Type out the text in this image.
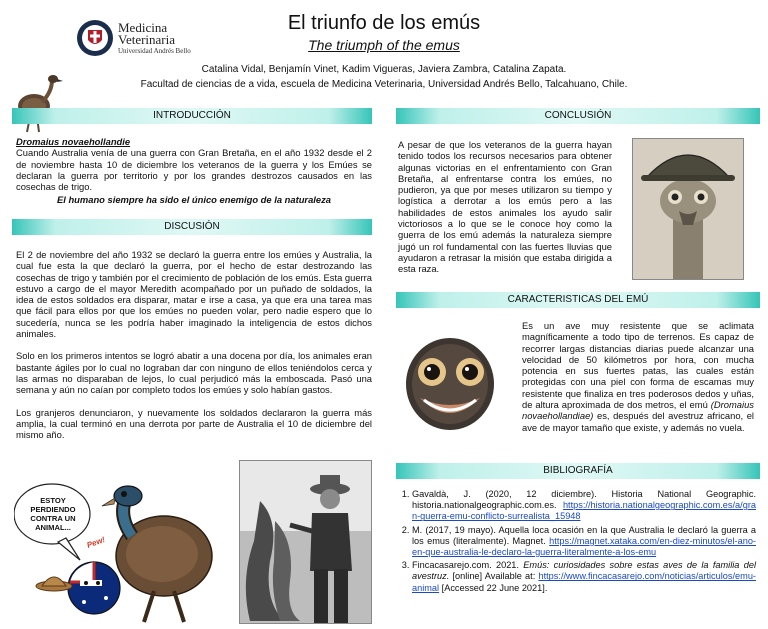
Medicina
Veterinaria
Universidad Andrés Bello
El triunfo de los emús
The triumph of the emus
Catalina Vidal, Benjamín Vinet, Kadim Vigueras, Javiera Zambra, Catalina Zapata.
Facultad de ciencias de a vida, escuela de Medicina Veterinaria, Universidad Andrés Bello, Talcahuano, Chile.
INTRODUCCIÓN
Dromaius novaehollandie

Cuando Australia venía de una guerra con Gran Bretaña, en el año 1932 desde el 2 de noviembre hasta 10 de diciembre los veteranos de la guerra y los Emúes se declaran la guerra por territorio y por los grandes destrozos causados en las cosechas de trigo.

El humano siempre ha sido el único enemigo de la naturaleza

DISCUSIÓN

El 2 de noviembre del año 1932 se declaró la guerra entre los emúes y Australia, la cual fue esta la que declaró la guerra, por el hecho de estar destrozando las cosechas de trigo y también por el crecimiento de población de los emús. Esta guerra estuvo a cargo de el mayor Meredith acompañado por un puñado de soldados, la idea de estos soldados era disparar, matar e irse a casa, ya que era una tarea mas que fácil para ellos por que los emúes no pueden volar, pero nadie espero que lo sucedería, nunca se les podría haber imaginado la inteligencia de estos dichos animales.

Solo en los primeros intentos se logró abatir a una docena por día, los animales eran bastante ágiles por lo cual no lograban dar con ninguno de ellos teniéndolos cerca y las armas no disparaban de lejos, lo cual perjudicó más la emboscada. Pasó una semana y aún no caían por completo todos los emúes y solo habían gastos.

Los granjeros denunciaron, y nuevamente los soldados declararon la guerra más amplia, la cual terminó en una derrota por parte de Australia el 10 de diciembre del mismo año.

Pew!
ESTOY PERDIENDO CONTRA UN ANIMAL...
CONCLUSIÓN
A pesar de que los veteranos de la guerra hayan tenido todos los recursos necesarios para obtener algunas victorias en el enfrentamiento con Gran Bretaña, al enfrentarse contra los emúes, no pudieron, ya que por meses utilizaron su tiempo y logística a derrotar a los emús pero a las habilidades de estos animales los ayudo salir victoriosos a lo que se le conoce hoy como la guerra de los emú además la naturaleza siempre jugó un rol fundamental con las fuertes lluvias que ayudaron a retrasar la misión que estaba dirigida a esta raza.
CARACTERISTICAS DEL EMÚ
Es un ave muy resistente que se aclimata magníficamente a todo tipo de terrenos. Es capaz de recorrer largas distancias diarias puede alcanzar una velocidad de 50 kilómetros por hora, con mucha potencia en sus fuertes patas, las cuales están protegidas con una piel con forma de escamas muy resistente que finaliza en tres poderosos dedos y uñas, de altura aproximada de dos metros, el emú (Dromaius novaehollandiae) es, después del avestruz africano, el ave de mayor tamaño que existe, y además no vuela.
BIBLIOGRAFÍA
1. Gavaldà, J. (2020, 12 diciembre). Historia National Geographic. historia.nationalgeographic.com.es. https://historia.nationalgeographic.com.es/a/gran-guerra-emu-conflicto-surrealista_15948
2. M. (2017, 19 mayo). Aquella loca ocasión en la que Australia le declaró la guerra a los emus (literalmente). Magnet. https://magnet.xataka.com/en-diez-minutos/el-ano-en-que-australia-le-declaro-la-guerra-literalmente-a-los-emu
3. Fincacasarejo.com. 2021. Emús: curiosidades sobre estas aves de la familia del avestruz. [online] Available at: https://www.fincacasarejo.com/noticias/articulos/emu-animal [Accessed 22 June 2021].
